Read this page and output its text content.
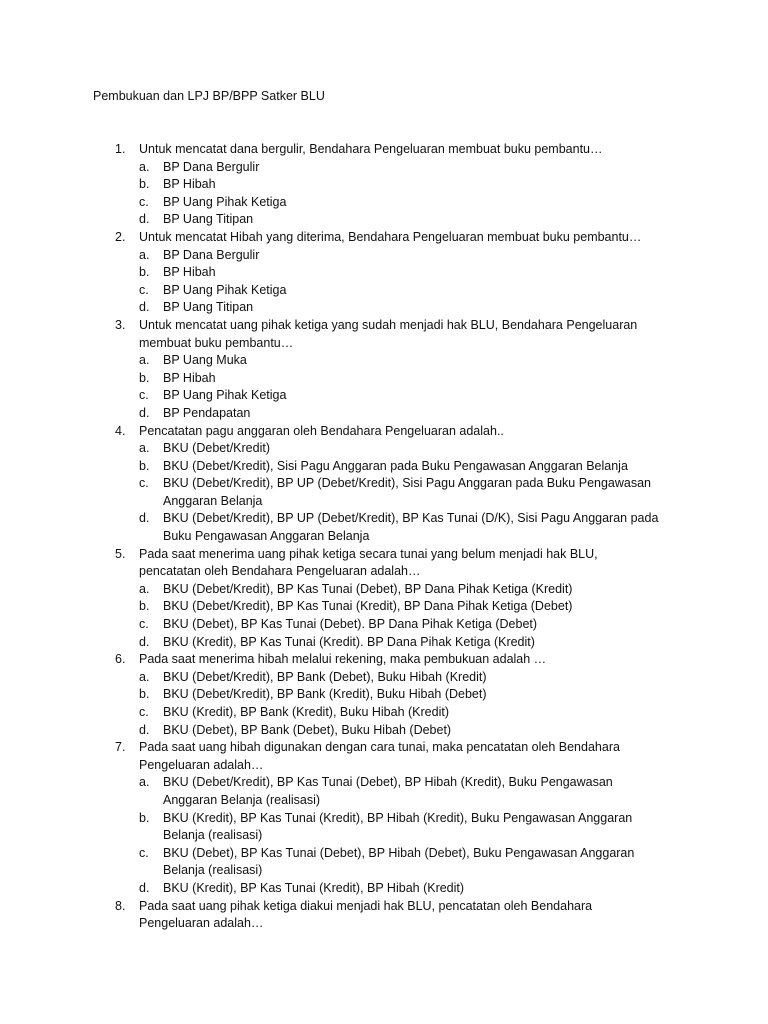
Pembukuan dan LPJ BP/BPP Satker BLU
1.	Untuk mencatat dana bergulir, Bendahara Pengeluaran membuat buku pembantu…
a.	BP Dana Bergulir
b.	BP Hibah
c.	BP Uang Pihak Ketiga
d.	BP Uang Titipan
2.	Untuk mencatat Hibah yang diterima, Bendahara Pengeluaran membuat buku pembantu…
a.	BP Dana Bergulir
b.	BP Hibah
c.	BP Uang Pihak Ketiga
d.	BP Uang Titipan
3.	Untuk mencatat uang pihak ketiga yang sudah menjadi hak BLU, Bendahara Pengeluaran membuat buku pembantu…
a.	BP Uang Muka
b.	BP Hibah
c.	BP Uang Pihak Ketiga
d.	BP Pendapatan
4.	Pencatatan pagu anggaran oleh Bendahara Pengeluaran adalah..
a.	BKU (Debet/Kredit)
b.	BKU (Debet/Kredit), Sisi Pagu Anggaran pada Buku Pengawasan Anggaran Belanja
c.	BKU (Debet/Kredit), BP UP (Debet/Kredit), Sisi Pagu Anggaran pada Buku Pengawasan Anggaran Belanja
d.	BKU (Debet/Kredit), BP UP (Debet/Kredit), BP Kas Tunai (D/K), Sisi Pagu Anggaran pada Buku Pengawasan Anggaran Belanja
5.	Pada saat menerima uang pihak ketiga secara tunai yang belum menjadi hak BLU, pencatatan oleh Bendahara Pengeluaran adalah…
a.	BKU (Debet/Kredit), BP Kas Tunai (Debet), BP Dana Pihak Ketiga (Kredit)
b.	BKU (Debet/Kredit), BP Kas Tunai (Kredit), BP Dana Pihak Ketiga (Debet)
c.	BKU (Debet), BP Kas Tunai (Debet). BP Dana Pihak Ketiga (Debet)
d.	BKU (Kredit), BP Kas Tunai (Kredit). BP Dana Pihak Ketiga (Kredit)
6.	Pada saat menerima hibah melalui rekening, maka pembukuan adalah …
a.	BKU (Debet/Kredit), BP Bank (Debet), Buku Hibah (Kredit)
b.	BKU (Debet/Kredit), BP Bank (Kredit), Buku Hibah (Debet)
c.	BKU (Kredit), BP Bank (Kredit), Buku Hibah (Kredit)
d.	BKU (Debet), BP Bank (Debet), Buku Hibah (Debet)
7.	Pada saat uang hibah digunakan dengan cara tunai, maka pencatatan oleh Bendahara Pengeluaran adalah…
a.	BKU (Debet/Kredit), BP Kas Tunai (Debet), BP Hibah (Kredit), Buku Pengawasan Anggaran Belanja (realisasi)
b.	BKU (Kredit), BP Kas Tunai (Kredit), BP Hibah (Kredit), Buku Pengawasan Anggaran Belanja (realisasi)
c.	BKU (Debet), BP Kas Tunai (Debet), BP Hibah (Debet), Buku Pengawasan Anggaran Belanja (realisasi)
d.	BKU (Kredit), BP Kas Tunai (Kredit), BP Hibah (Kredit)
8.	Pada saat uang pihak ketiga diakui menjadi hak BLU, pencatatan oleh Bendahara Pengeluaran adalah…
